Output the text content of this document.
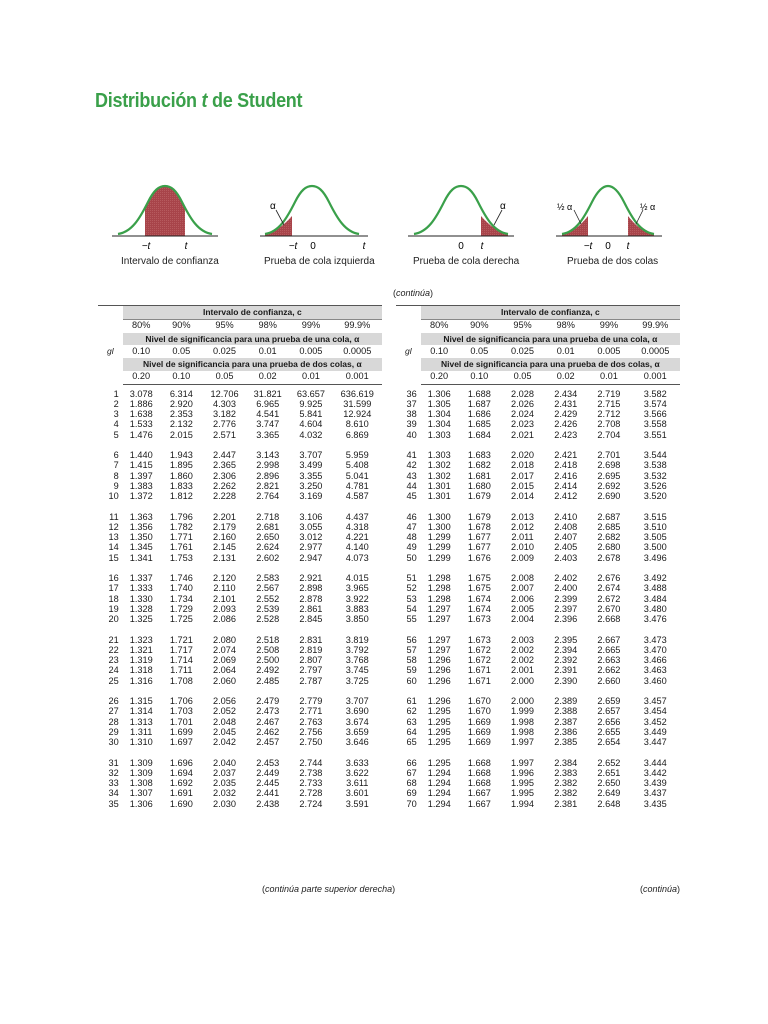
Distribución t de Student
−t	t
α
−t 0	t
α
0 t
½ α	½ α
−t 0 t
Intervalo de confianza	Prueba de cola izquierda	Prueba de cola derecha	Prueba de dos colas
(continúa)
	Intervalo de confianza, c					
	80%	90%	95%	98%	99%	99.9%
	Nivel de significancia para una prueba de una cola, α					
gl	0.10	0.05	0.025	0.01	0.005	0.0005
	Nivel de significancia para una prueba de dos colas, α					
	0.20	0.10	0.05	0.02	0.01	0.001

1	3.078	6.314	12.706	31.821	63.657	636.619
2	1.886	2.920	4.303	6.965	9.925	31.599
3	1.638	2.353	3.182	4.541	5.841	12.924
4	1.533	2.132	2.776	3.747	4.604	8.610
5	1.476	2.015	2.571	3.365	4.032	6.869

6	1.440	1.943	2.447	3.143	3.707	5.959
7	1.415	1.895	2.365	2.998	3.499	5.408
8	1.397	1.860	2.306	2.896	3.355	5.041
9	1.383	1.833	2.262	2.821	3.250	4.781
10	1.372	1.812	2.228	2.764	3.169	4.587

11	1.363	1.796	2.201	2.718	3.106	4.437
12	1.356	1.782	2.179	2.681	3.055	4.318
13	1.350	1.771	2.160	2.650	3.012	4.221
14	1.345	1.761	2.145	2.624	2.977	4.140
15	1.341	1.753	2.131	2.602	2.947	4.073

16	1.337	1.746	2.120	2.583	2.921	4.015
17	1.333	1.740	2.110	2.567	2.898	3.965
18	1.330	1.734	2.101	2.552	2.878	3.922
19	1.328	1.729	2.093	2.539	2.861	3.883
20	1.325	1.725	2.086	2.528	2.845	3.850

21	1.323	1.721	2.080	2.518	2.831	3.819
22	1.321	1.717	2.074	2.508	2.819	3.792
23	1.319	1.714	2.069	2.500	2.807	3.768
24	1.318	1.711	2.064	2.492	2.797	3.745
25	1.316	1.708	2.060	2.485	2.787	3.725

26	1.315	1.706	2.056	2.479	2.779	3.707
27	1.314	1.703	2.052	2.473	2.771	3.690
28	1.313	1.701	2.048	2.467	2.763	3.674
29	1.311	1.699	2.045	2.462	2.756	3.659
30	1.310	1.697	2.042	2.457	2.750	3.646

31	1.309	1.696	2.040	2.453	2.744	3.633
32	1.309	1.694	2.037	2.449	2.738	3.622
33	1.308	1.692	2.035	2.445	2.733	3.611
34	1.307	1.691	2.032	2.441	2.728	3.601
35	1.306	1.690	2.030	2.438	2.724	3.591
	Intervalo de confianza, c					
	80%	90%	95%	98%	99%	99.9%
	Nivel de significancia para una prueba de una cola, α					
gl	0.10	0.05	0.025	0.01	0.005	0.0005
	Nivel de significancia para una prueba de dos colas, α					
	0.20	0.10	0.05	0.02	0.01	0.001

36	1.306	1.688	2.028	2.434	2.719	3.582
37	1.305	1.687	2.026	2.431	2.715	3.574
38	1.304	1.686	2.024	2.429	2.712	3.566
39	1.304	1.685	2.023	2.426	2.708	3.558
40	1.303	1.684	2.021	2.423	2.704	3.551

41	1.303	1.683	2.020	2.421	2.701	3.544
42	1.302	1.682	2.018	2.418	2.698	3.538
43	1.302	1.681	2.017	2.416	2.695	3.532
44	1.301	1.680	2.015	2.414	2.692	3.526
45	1.301	1.679	2.014	2.412	2.690	3.520

46	1.300	1.679	2.013	2.410	2.687	3.515
47	1.300	1.678	2.012	2.408	2.685	3.510
48	1.299	1.677	2.011	2.407	2.682	3.505
49	1.299	1.677	2.010	2.405	2.680	3.500
50	1.299	1.676	2.009	2.403	2.678	3.496

51	1.298	1.675	2.008	2.402	2.676	3.492
52	1.298	1.675	2.007	2.400	2.674	3.488
53	1.298	1.674	2.006	2.399	2.672	3.484
54	1.297	1.674	2.005	2.397	2.670	3.480
55	1.297	1.673	2.004	2.396	2.668	3.476

56	1.297	1.673	2.003	2.395	2.667	3.473
57	1.297	1.672	2.002	2.394	2.665	3.470
58	1.296	1.672	2.002	2.392	2.663	3.466
59	1.296	1.671	2.001	2.391	2.662	3.463
60	1.296	1.671	2.000	2.390	2.660	3.460

61	1.296	1.670	2.000	2.389	2.659	3.457
62	1.295	1.670	1.999	2.388	2.657	3.454
63	1.295	1.669	1.998	2.387	2.656	3.452
64	1.295	1.669	1.998	2.386	2.655	3.449
65	1.295	1.669	1.997	2.385	2.654	3.447

66	1.295	1.668	1.997	2.384	2.652	3.444
67	1.294	1.668	1.996	2.383	2.651	3.442
68	1.294	1.668	1.995	2.382	2.650	3.439
69	1.294	1.667	1.995	2.382	2.649	3.437
70	1.294	1.667	1.994	2.381	2.648	3.435
(continúa parte superior derecha)	(continúa)
